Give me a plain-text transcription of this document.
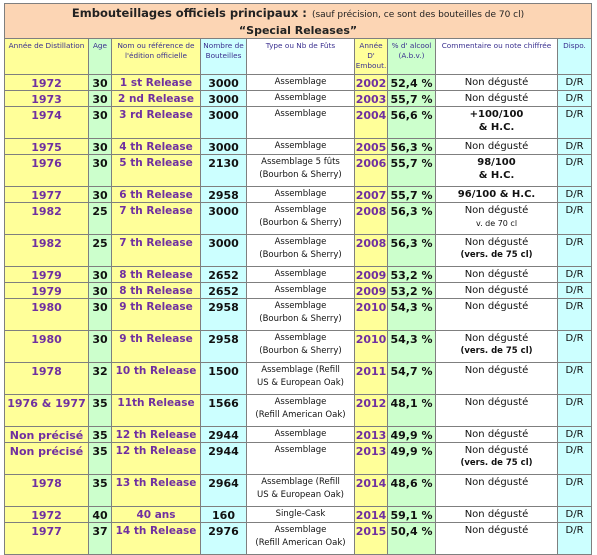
Embouteillages officiels principaux : (sauf précision, ce sont des bouteilles de 70 cl)
“Special Releases”								
Année de Distillation	Age	Nom ou référence de l'édition officielle	Nombre de Bouteilles	Type ou Nb de Fûts	Année D' Embout.	% d' alcool (A.b.v.)	Commentaire ou note chiffrée	Dispo.

1972	30	1 st Release	3000	Assemblage	2002	52,4 %	Non dégusté	D/R

1973	30	2 nd Release	3000	Assemblage	2003	55,7 %	Non dégusté	D/R

1974	30	3 rd Release	3000	Assemblage	2004	56,6 %	+100/100
& H.C.	D/R

1975	30	4 th Release	3000	Assemblage	2005	56,3 %	Non dégusté	D/R

1976	30	5 th Release	2130	Assemblage 5 fûts
(Bourbon & Sherry)	2006	55,7 %	98/100
& H.C.	D/R

1977	30	6 th Release	2958	Assemblage	2007	55,7 %	96/100 & H.C.	D/R

1982	25	7 th Release	3000	Assemblage
(Bourbon & Sherry)	2008	56,3 %	Non dégusté
v. de 70 cl	D/R

1982	25	7 th Release	3000	Assemblage
(Bourbon & Sherry)	2008	56,3 %	Non dégusté
(vers. de 75 cl)	D/R

1979	30	8 th Release	2652	Assemblage	2009	53,2 %	Non dégusté	D/R

1979	30	8 th Release	2652	Assemblage	2009	53,2 %	Non dégusté	D/R

1980	30	9 th Release	2958	Assemblage
(Bourbon & Sherry)	2010	54,3 %	Non dégusté	D/R

1980	30	9 th Release	2958	Assemblage
(Bourbon & Sherry)	2010	54,3 %	Non dégusté
(vers. de 75 cl)	D/R

1978	32	10 th Release	1500	Assemblage (Refill
US & European Oak)	2011	54,7 %	Non dégusté	D/R

1976 & 1977	35	11th Release	1566	Assemblage
(Refill American Oak)	2012	48,1 %	Non dégusté	D/R

Non précisé	35	12 th Release	2944	Assemblage	2013	49,9 %	Non dégusté	D/R

Non précisé	35	12 th Release	2944	Assemblage	2013	49,9 %	Non dégusté
(vers. de 75 cl)	D/R

1978	35	13 th Release	2964	Assemblage (Refill
US & European Oak)	2014	48,6 %	Non dégusté	D/R

1972	40	40 ans	160	Single-Cask	2014	59,1 %	Non dégusté	D/R

1977	37	14 th Release	2976	Assemblage
(Refill American Oak)	2015	50,4 %	Non dégusté	D/R
